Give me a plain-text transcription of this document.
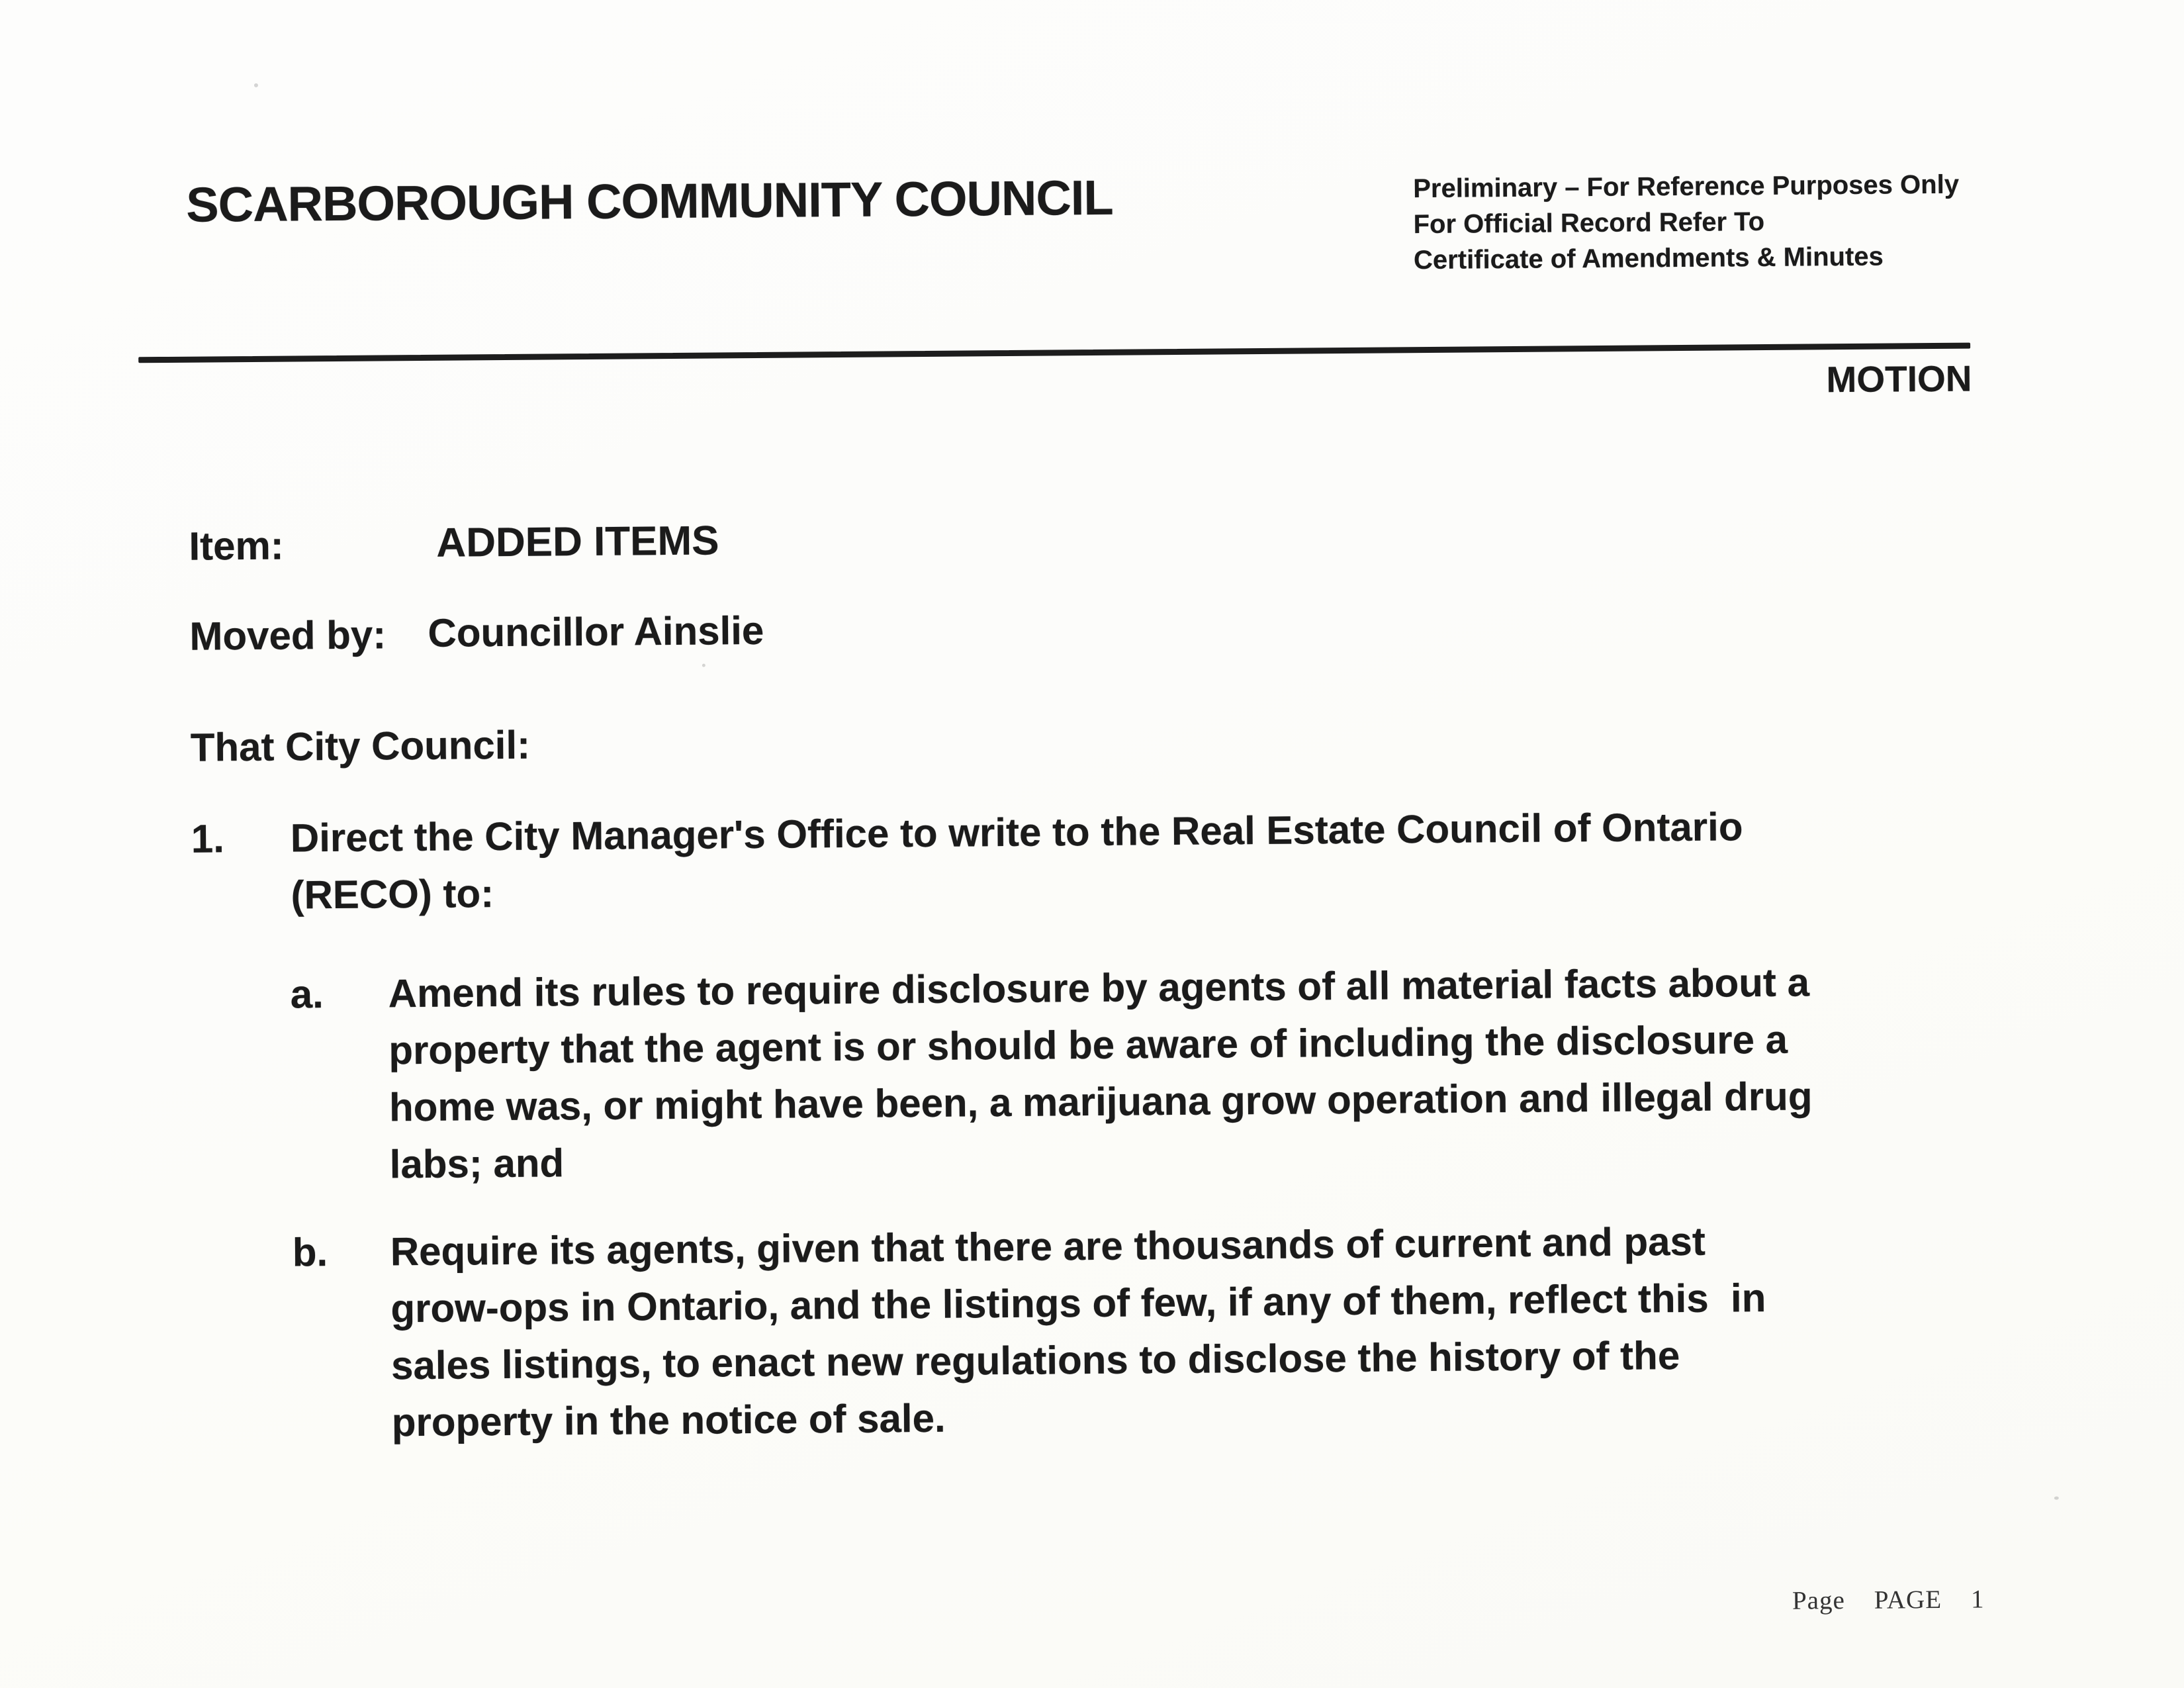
SCARBOROUGH COMMUNITY COUNCIL	Preliminary – For Reference Purposes Only
For Official Record Refer To
Certificate of Amendments & Minutes
MOTION
Item:	ADDED ITEMS
Moved by: Councillor Ainslie
That City Council:
1. Direct the City Manager's Office to write to the Real Estate Council of Ontario
(RECO) to:
a. Amend its rules to require disclosure by agents of all material facts about a
property that the agent is or should be aware of including the disclosure a
home was, or might have been, a marijuana grow operation and illegal drug
labs; and
b. Require its agents, given that there are thousands of current and past
grow-ops in Ontario, and the listings of few, if any of them, reflect this  in
sales listings, to enact new regulations to disclose the history of the
property in the notice of sale.
Page PAGE 1
